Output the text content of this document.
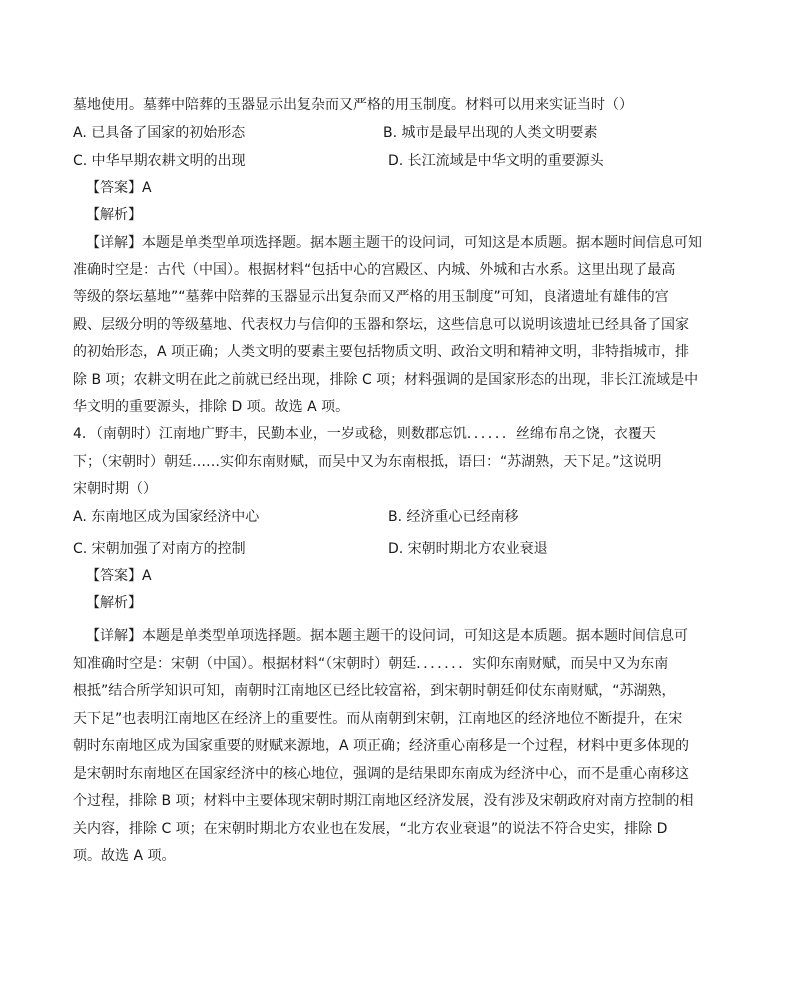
墓地使用。墓葬中陪葬的玉器显示出复杂而又严格的用玉制度。材料可以用来实证当时（）
A. 已具备了国家的初始形态	B. 城市是最早出现的人类文明要素
C. 中华早期农耕文明的出现	D. 长江流域是中华文明的重要源头
【答案】A
【解析】
【详解】本题是单类型单项选择题。据本题主题干的设问词，可知这是本质题。据本题时间信息可知
准确时空是：古代（中国）。根据材料“包括中心的宫殿区、内城、外城和古水系。这里出现了最高
等级的祭坛墓地”“墓葬中陪葬的玉器显示出复杂而又严格的用玉制度”可知，良渚遗址有雄伟的宫
殿、层级分明的等级墓地、代表权力与信仰的玉器和祭坛，这些信息可以说明该遗址已经具备了国家
的初始形态，A 项正确；人类文明的要素主要包括物质文明、政治文明和精神文明，非特指城市，排
除 B 项；农耕文明在此之前就已经出现，排除 C 项；材料强调的是国家形态的出现，非长江流域是中
华文明的重要源头，排除 D 项。故选 A 项。
4．（南朝时）江南地广野丰，民勤本业，一岁或稔，则数郡忘饥．．．．．．丝绵布帛之饶，衣覆天
下；（宋朝时）朝廷……实仰东南财赋，而吴中又为东南根抵，语曰：“苏湖熟，天下足。”这说明
宋朝时期（）
A. 东南地区成为国家经济中心	B. 经济重心已经南移
C. 宋朝加强了对南方的控制	D. 宋朝时期北方农业衰退
【答案】A
【解析】
【详解】本题是单类型单项选择题。据本题主题干的设问词，可知这是本质题。据本题时间信息可
知准确时空是：宋朝（中国）。根据材料“（宋朝时）朝廷．．．．．．．实仰东南财赋，而吴中又为东南
根抵”结合所学知识可知，南朝时江南地区已经比较富裕，到宋朝时朝廷仰仗东南财赋，“苏湖熟，
天下足”也表明江南地区在经济上的重要性。而从南朝到宋朝，江南地区的经济地位不断提升，在宋
朝时东南地区成为国家重要的财赋来源地，A 项正确；经济重心南移是一个过程，材料中更多体现的
是宋朝时东南地区在国家经济中的核心地位，强调的是结果即东南成为经济中心，而不是重心南移这
个过程，排除 B 项；材料中主要体现宋朝时期江南地区经济发展，没有涉及宋朝政府对南方控制的相
关内容，排除 C 项；在宋朝时期北方农业也在发展，“北方农业衰退”的说法不符合史实，排除 D
项。故选 A 项。
